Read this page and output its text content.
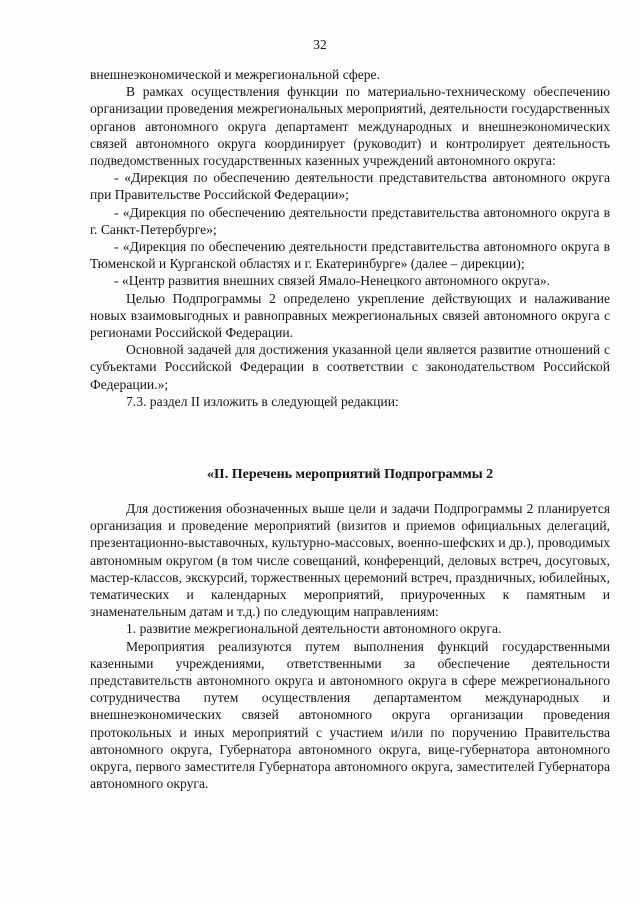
32

внешнеэкономической и межрегиональной сфере.

В рамках осуществления функции по материально-техническому обеспечению организации проведения межрегиональных мероприятий, деятельности государственных органов автономного округа департамент международных и внешнеэкономических связей автономного округа координирует (руководит) и контролирует деятельность подведомственных государственных казенных учреждений автономного округа:

- «Дирекция по обеспечению деятельности представительства автономного округа при Правительстве Российской Федерации»;

- «Дирекция по обеспечению деятельности представительства автономного округа в г. Санкт-Петербурге»;

- «Дирекция по обеспечению деятельности представительства автономного округа в Тюменской и Курганской областях и г. Екатеринбурге» (далее – дирекции);

- «Центр развития внешних связей Ямало-Ненецкого автономного округа».

Целью Подпрограммы 2 определено укрепление действующих и налаживание новых взаимовыгодных и равноправных межрегиональных связей автономного округа с регионами Российской Федерации.

Основной задачей для достижения указанной цели является развитие отношений с субъектами Российской Федерации в соответствии с законодательством Российской Федерации.»;

7.3. раздел II изложить в следующей редакции:

«II. Перечень мероприятий Подпрограммы 2

Для достижения обозначенных выше цели и задачи Подпрограммы 2 планируется организация и проведение мероприятий (визитов и приемов официальных делегаций, презентационно-выставочных, культурно-массовых, военно-шефских и др.), проводимых автономным округом (в том числе совещаний, конференций, деловых встреч, досуговых, мастер-классов, экскурсий, торжественных церемоний встреч, праздничных, юбилейных, тематических и календарных мероприятий, приуроченных к памятным и знаменательным датам и т.д.) по следующим направлениям:

1. развитие межрегиональной деятельности автономного округа.

Мероприятия реализуются путем выполнения функций государственными казенными учреждениями, ответственными за обеспечение деятельности представительств автономного округа и автономного округа в сфере межрегионального сотрудничества путем осуществления департаментом международных и внешнеэкономических связей автономного округа организации проведения протокольных и иных мероприятий с участием и/или по поручению Правительства автономного округа, Губернатора автономного округа, вице-губернатора автономного округа, первого заместителя Губернатора автономного округа, заместителей Губернатора автономного округа.
